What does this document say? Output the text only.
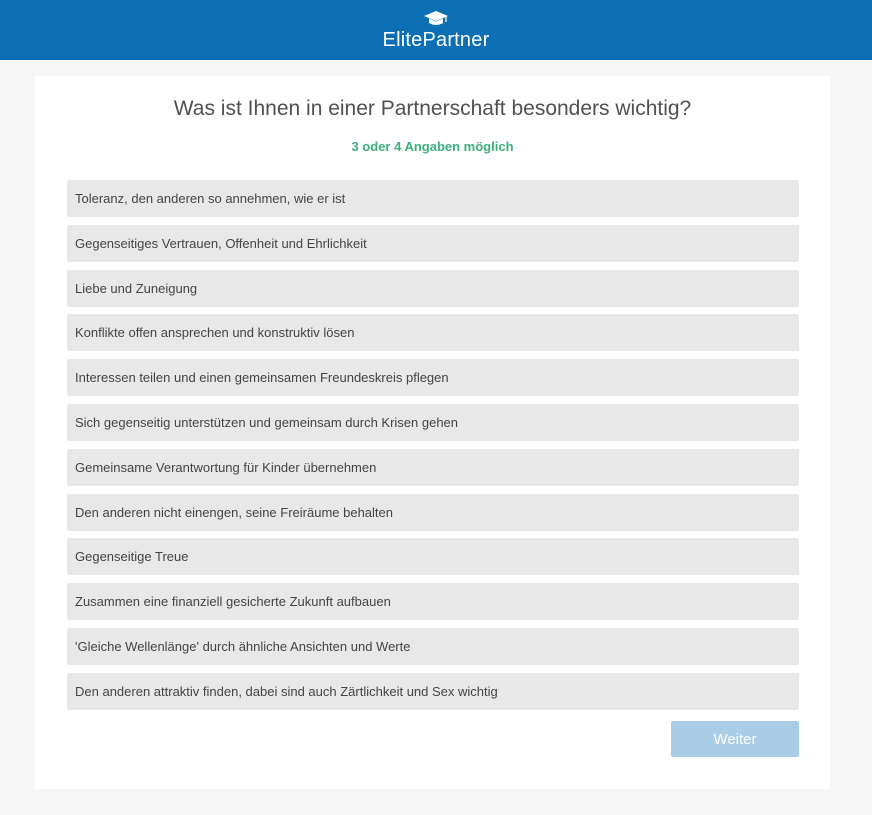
ElitePartner
Was ist Ihnen in einer Partnerschaft besonders wichtig?
3 oder 4 Angaben möglich
Toleranz, den anderen so annehmen, wie er ist
Gegenseitiges Vertrauen, Offenheit und Ehrlichkeit
Liebe und Zuneigung
Konflikte offen ansprechen und konstruktiv lösen
Interessen teilen und einen gemeinsamen Freundeskreis pflegen
Sich gegenseitig unterstützen und gemeinsam durch Krisen gehen
Gemeinsame Verantwortung für Kinder übernehmen
Den anderen nicht einengen, seine Freiräume behalten
Gegenseitige Treue
Zusammen eine finanziell gesicherte Zukunft aufbauen
'Gleiche Wellenlänge' durch ähnliche Ansichten und Werte
Den anderen attraktiv finden, dabei sind auch Zärtlichkeit und Sex wichtig
Weiter
